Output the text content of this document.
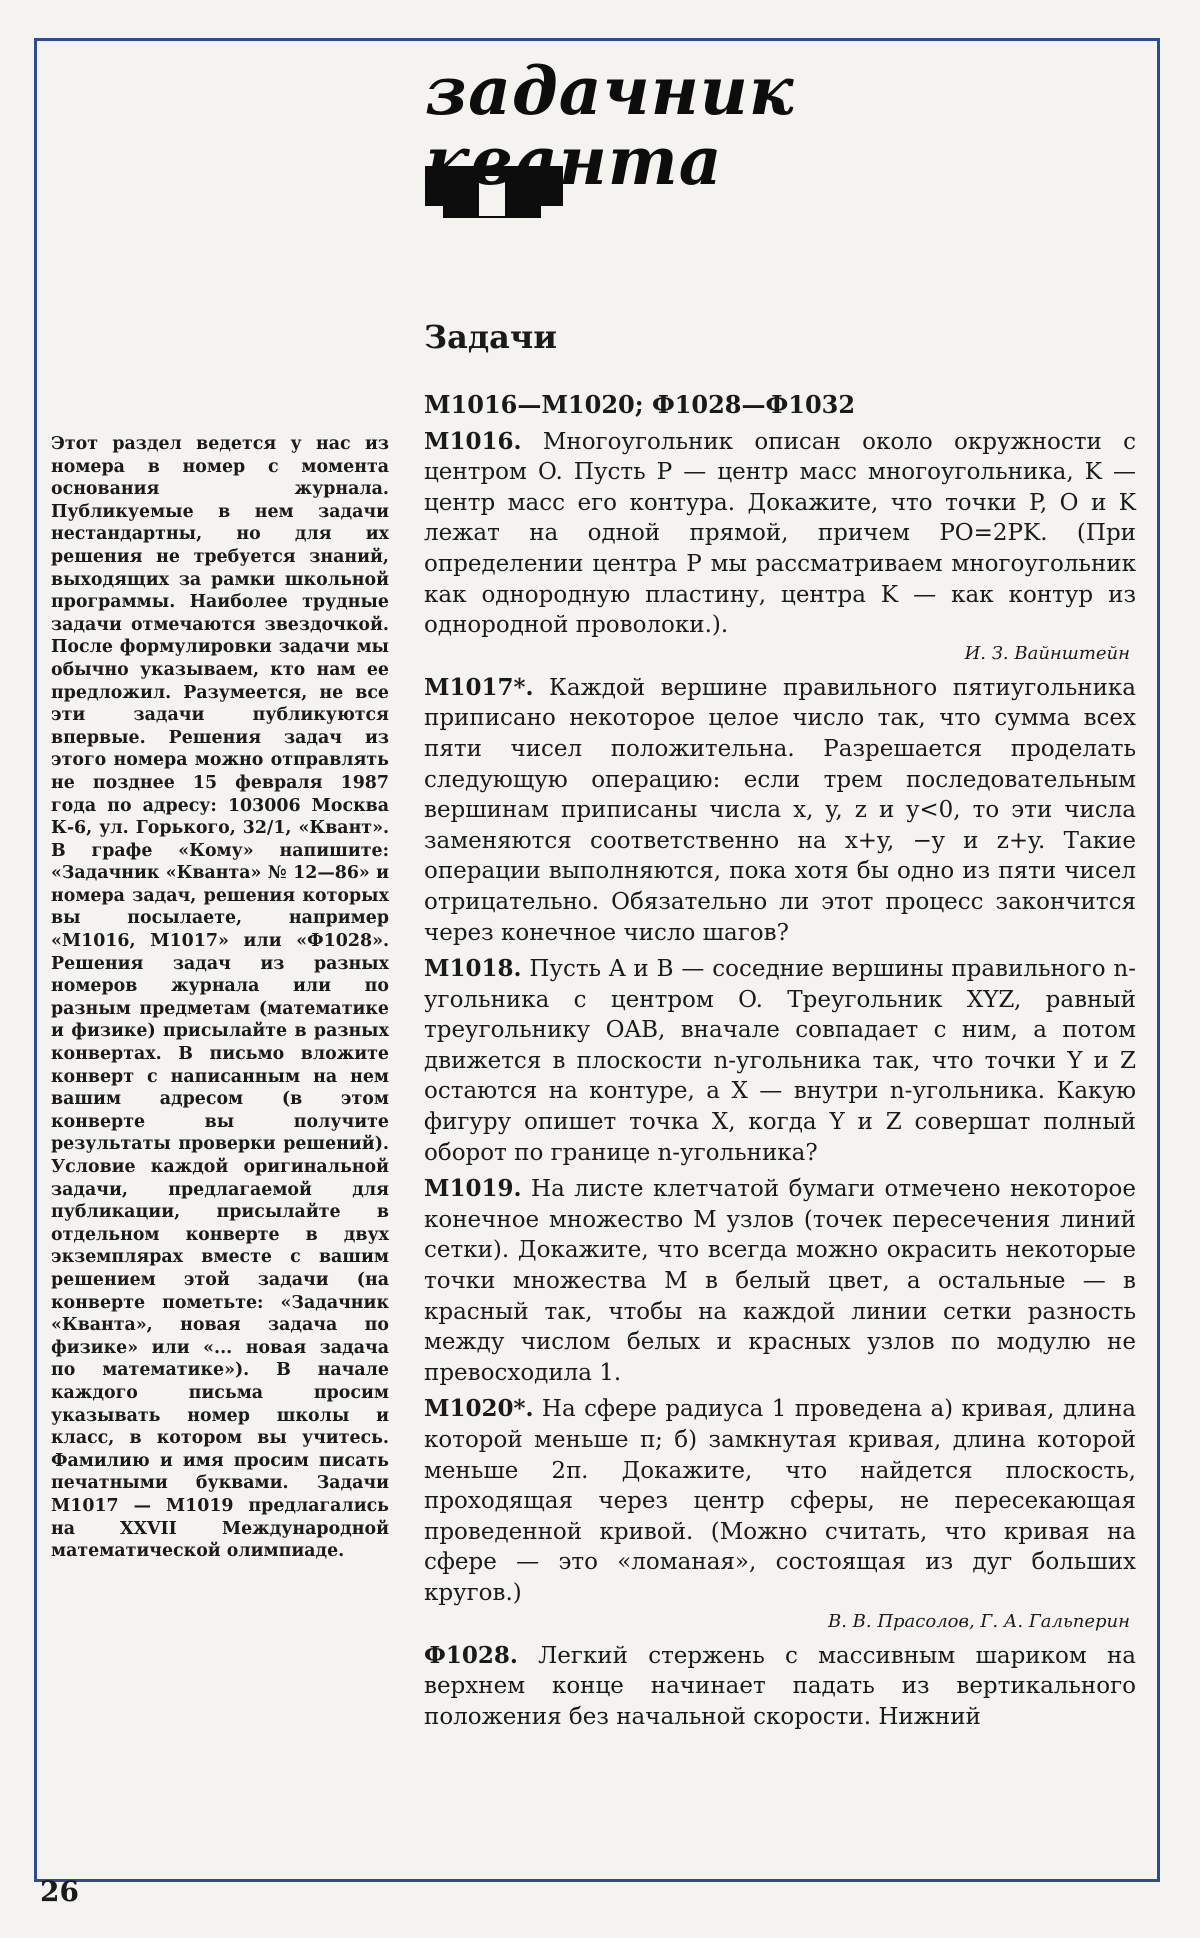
задачник
кванта
Задачи
Этот раздел ведется у нас из номера в номер с момента основания журнала. Публикуемые в нем задачи нестандартны, но для их решения не требуется знаний, выходящих за рамки школьной программы. Наиболее трудные задачи отмечаются звездочкой. После формулировки задачи мы обычно указываем, кто нам ее предложил. Разумеется, не все эти задачи публикуются впервые. Решения задач из этого номера можно отправлять не позднее 15 февраля 1987 года по адресу: 103006 Москва К-6, ул. Горького, 32/1, «Квант». В графе «Кому» напишите: «Задачник «Кванта» № 12—86» и номера задач, решения которых вы посылаете, например «М1016, М1017» или «Ф1028». Решения задач из разных номеров журнала или по разным предметам (математике и физике) присылайте в разных конвертах. В письмо вложите конверт с написанным на нем вашим адресом (в этом конверте вы получите результаты проверки решений). Условие каждой оригинальной задачи, предлагаемой для публикации, присылайте в отдельном конверте в двух экземплярах вместе с вашим решением этой задачи (на конверте пометьте: «Задачник «Кванта», новая задача по физике» или «... новая задача по математике»). В начале каждого письма просим указывать номер школы и класс, в котором вы учитесь. Фамилию и имя просим писать печатными буквами. Задачи М1017 — М1019 предлагались на XXVII Международной математической олимпиаде.
М1016—М1020; Ф1028—Ф1032

М1016. Многоугольник описан около окружности с центром O. Пусть P — центр масс многоугольника, K — центр масс его контура. Докажите, что точки P, O и K лежат на одной прямой, причем PO=2PK. (При определении центра P мы рассматриваем многоугольник как однородную пластину, центра K — как контур из однородной проволоки.).

И. З. Вайнштейн

М1017*. Каждой вершине правильного пятиугольника приписано некоторое целое число так, что сумма всех пяти чисел положительна. Разрешается проделать следующую операцию: если трем последовательным вершинам приписаны числа x, y, z и y<0, то эти числа заменяются соответственно на x+y, −y и z+y. Такие операции выполняются, пока хотя бы одно из пяти чисел отрицательно. Обязательно ли этот процесс закончится через конечное число шагов?

М1018. Пусть A и B — соседние вершины правильного n-угольника с центром O. Треугольник XYZ, равный треугольнику OAB, вначале совпадает с ним, а потом движется в плоскости n-угольника так, что точки Y и Z остаются на контуре, а X — внутри n-угольника. Какую фигуру опишет точка X, когда Y и Z совершат полный оборот по границе n-угольника?

М1019. На листе клетчатой бумаги отмечено некоторое конечное множество M узлов (точек пересечения линий сетки). Докажите, что всегда можно окрасить некоторые точки множества M в белый цвет, а остальные — в красный так, чтобы на каждой линии сетки разность между числом белых и красных узлов по модулю не превосходила 1.

М1020*. На сфере радиуса 1 проведена а) кривая, длина которой меньше π; б) замкнутая кривая, длина которой меньше 2π. Докажите, что найдется плоскость, проходящая через центр сферы, не пересекающая проведенной кривой. (Можно считать, что кривая на сфере — это «ломаная», состоящая из дуг больших кругов.)

В. В. Прасолов, Г. А. Гальперин

Ф1028. Легкий стержень с массивным шариком на верхнем конце начинает падать из вертикального положения без начальной скорости. Нижний

26
